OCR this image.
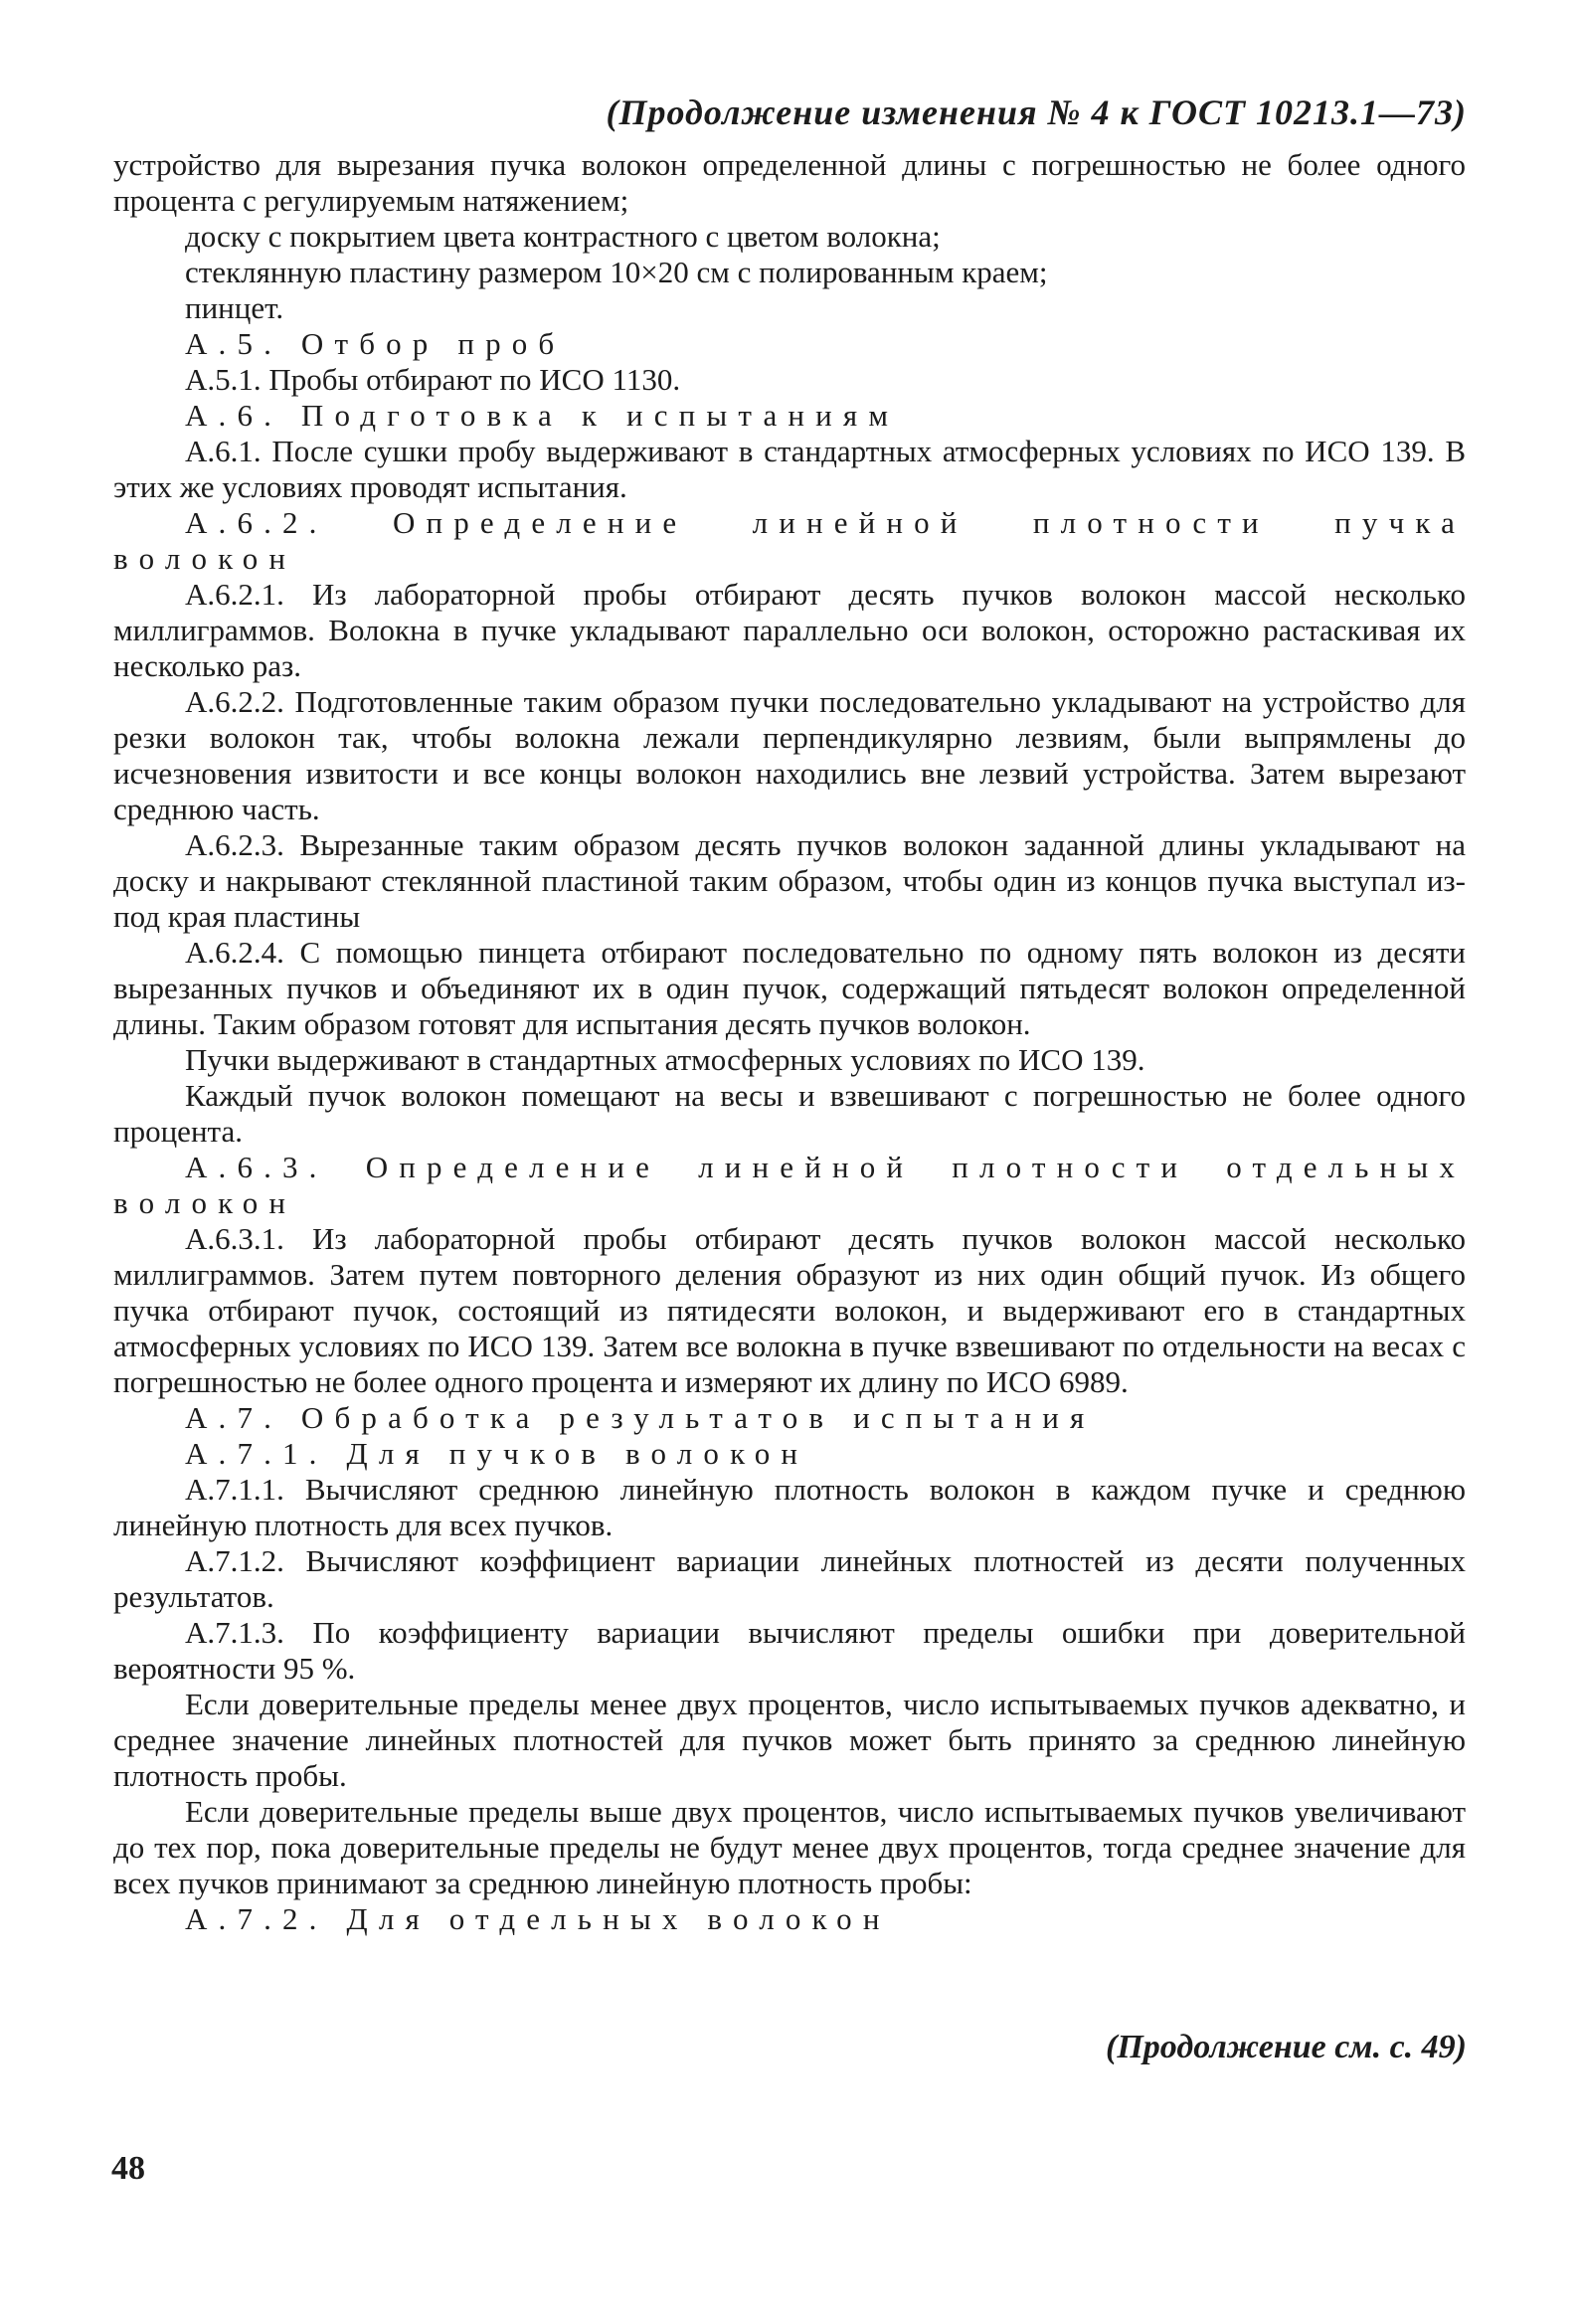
(Продолжение изменения № 4 к ГОСТ 10213.1—73)

устройство для вырезания пучка волокон определенной длины с погрешностью не более одного процента с регулируемым натяжением;

доску с покрытием цвета контрастного с цветом волокна;

стеклянную пластину размером 10×20 см с полированным краем;

пинцет.

А.5. Отбор проб

А.5.1. Пробы отбирают по ИСО 1130.

А.6. Подготовка к испытаниям

А.6.1. После сушки пробу выдерживают в стандартных атмосферных условиях по ИСО 139. В этих же условиях проводят испытания.

А.6.2. Определение линейной плотности пучка волокон

А.6.2.1. Из лабораторной пробы отбирают десять пучков волокон массой несколько миллиграммов. Волокна в пучке укладывают параллельно оси волокон, осторожно растаскивая их несколько раз.

А.6.2.2. Подготовленные таким образом пучки последовательно укладывают на устройство для резки волокон так, чтобы волокна лежали перпендикулярно лезвиям, были выпрямлены до исчезновения извитости и все концы волокон находились вне лезвий устройства. Затем вырезают среднюю часть.

А.6.2.3. Вырезанные таким образом десять пучков волокон заданной длины укладывают на доску и накрывают стеклянной пластиной таким образом, чтобы один из концов пучка выступал из-под края пластины

А.6.2.4. С помощью пинцета отбирают последовательно по одному пять волокон из десяти вырезанных пучков и объединяют их в один пучок, содержащий пятьдесят волокон определенной длины. Таким образом готовят для испытания десять пучков волокон.

Пучки выдерживают в стандартных атмосферных условиях по ИСО 139.

Каждый пучок волокон помещают на весы и взвешивают с погрешностью не более одного процента.

А.6.3. Определение линейной плотности отдельных волокон

А.6.3.1. Из лабораторной пробы отбирают десять пучков волокон массой несколько миллиграммов. Затем путем повторного деления образуют из них один общий пучок. Из общего пучка отбирают пучок, состоящий из пятидесяти волокон, и выдерживают его в стандартных атмосферных условиях по ИСО 139. Затем все волокна в пучке взвешивают по отдельности на весах с погрешностью не более одного процента и измеряют их длину по ИСО 6989.

А.7. Обработка результатов испытания

А.7.1. Для пучков волокон

А.7.1.1. Вычисляют среднюю линейную плотность волокон в каждом пучке и среднюю линейную плотность для всех пучков.

А.7.1.2. Вычисляют коэффициент вариации линейных плотностей из десяти полученных результатов.

А.7.1.3. По коэффициенту вариации вычисляют пределы ошибки при доверительной вероятности 95 %.

Если доверительные пределы менее двух процентов, число испытываемых пучков адекватно, и среднее значение линейных плотностей для пучков может быть принято за среднюю линейную плотность пробы.

Если доверительные пределы выше двух процентов, число испытываемых пучков увеличивают до тех пор, пока доверительные пределы не будут менее двух процентов, тогда среднее значение для всех пучков принимают за среднюю линейную плотность пробы:

А.7.2. Для отдельных волокон

(Продолжение см. с. 49)
48
